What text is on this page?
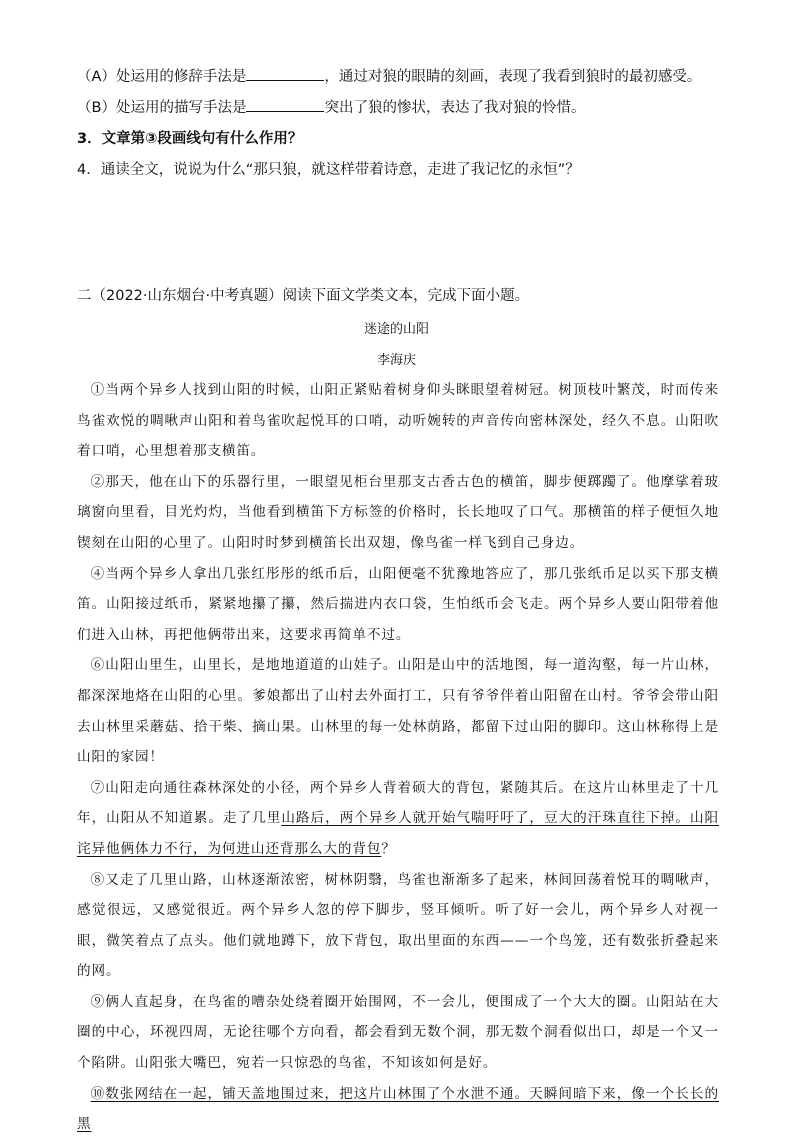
（A）处运用的修辞手法是	，通过对狼的眼睛的刻画，表现了我看到狼时的最初感受。
（B）处运用的描写手法是	突出了狼的惨状，表达了我对狼的怜惜。
3．文章第③段画线句有什么作用？
4．通读全文，说说为什么“那只狼，就这样带着诗意，走进了我记忆的永恒”？
二（2022·山东烟台·中考真题）阅读下面文学类文本，完成下面小题。
迷途的山阳
李海庆

①当两个异乡人找到山阳的时候，山阳正紧贴着树身仰头眯眼望着树冠。树顶枝叶繁茂，时而传来鸟雀欢悦的啁啾声山阳和着鸟雀吹起悦耳的口哨，动听婉转的声音传向密林深处，经久不息。山阳吹着口哨，心里想着那支横笛。

②那天，他在山下的乐器行里，一眼望见柜台里那支古香古色的横笛，脚步便踯躅了。他摩挲着玻璃窗向里看，目光灼灼，当他看到横笛下方标签的价格时，长长地叹了口气。那横笛的样子便恒久地锲刻在山阳的心里了。山阳时时梦到横笛长出双翅，像鸟雀一样飞到自己身边。

④当两个异乡人拿出几张红彤彤的纸币后，山阳便毫不犹豫地答应了，那几张纸币足以买下那支横笛。山阳接过纸币，紧紧地攥了攥，然后揣进内衣口袋，生怕纸币会飞走。两个异乡人要山阳带着他们进入山林，再把他俩带出来，这要求再简单不过。

⑥山阳山里生，山里长，是地地道道的山娃子。山阳是山中的活地图，每一道沟壑，每一片山林，都深深地烙在山阳的心里。爹娘都出了山村去外面打工，只有爷爷伴着山阳留在山村。爷爷会带山阳去山林里采蘑菇、拾干柴、摘山果。山林里的每一处林荫路，都留下过山阳的脚印。这山林称得上是山阳的家园！

⑦山阳走向通往森林深处的小径，两个异乡人背着硕大的背包，紧随其后。在这片山林里走了十几年，山阳从不知道累。走了几里山路后，两个异乡人就开始气喘吁吁了，豆大的汗珠直往下掉。山阳诧异他俩体力不行，为何进山还背那么大的背包？

⑧又走了几里山路，山林逐渐浓密，树林阴翳，鸟雀也渐渐多了起来，林间回荡着悦耳的啁啾声，感觉很远，又感觉很近。两个异乡人忽的停下脚步，竖耳倾听。听了好一会儿，两个异乡人对视一眼，微笑着点了点头。他们就地蹲下，放下背包，取出里面的东西——一个鸟笼，还有数张折叠起来的网。

⑨俩人直起身，在鸟雀的嘈杂处绕着圈开始围网，不一会儿，便围成了一个大大的圈。山阳站在大圈的中心，环视四周，无论往哪个方向看，都会看到无数个洞，那无数个洞看似出口，却是一个又一个陷阱。山阳张大嘴巴，宛若一只惊恐的鸟雀，不知该如何是好。

⑩数张网结在一起，铺天盖地围过来，把这片山林围了个水泄不通。天瞬间暗下来，像一个长长的黑
